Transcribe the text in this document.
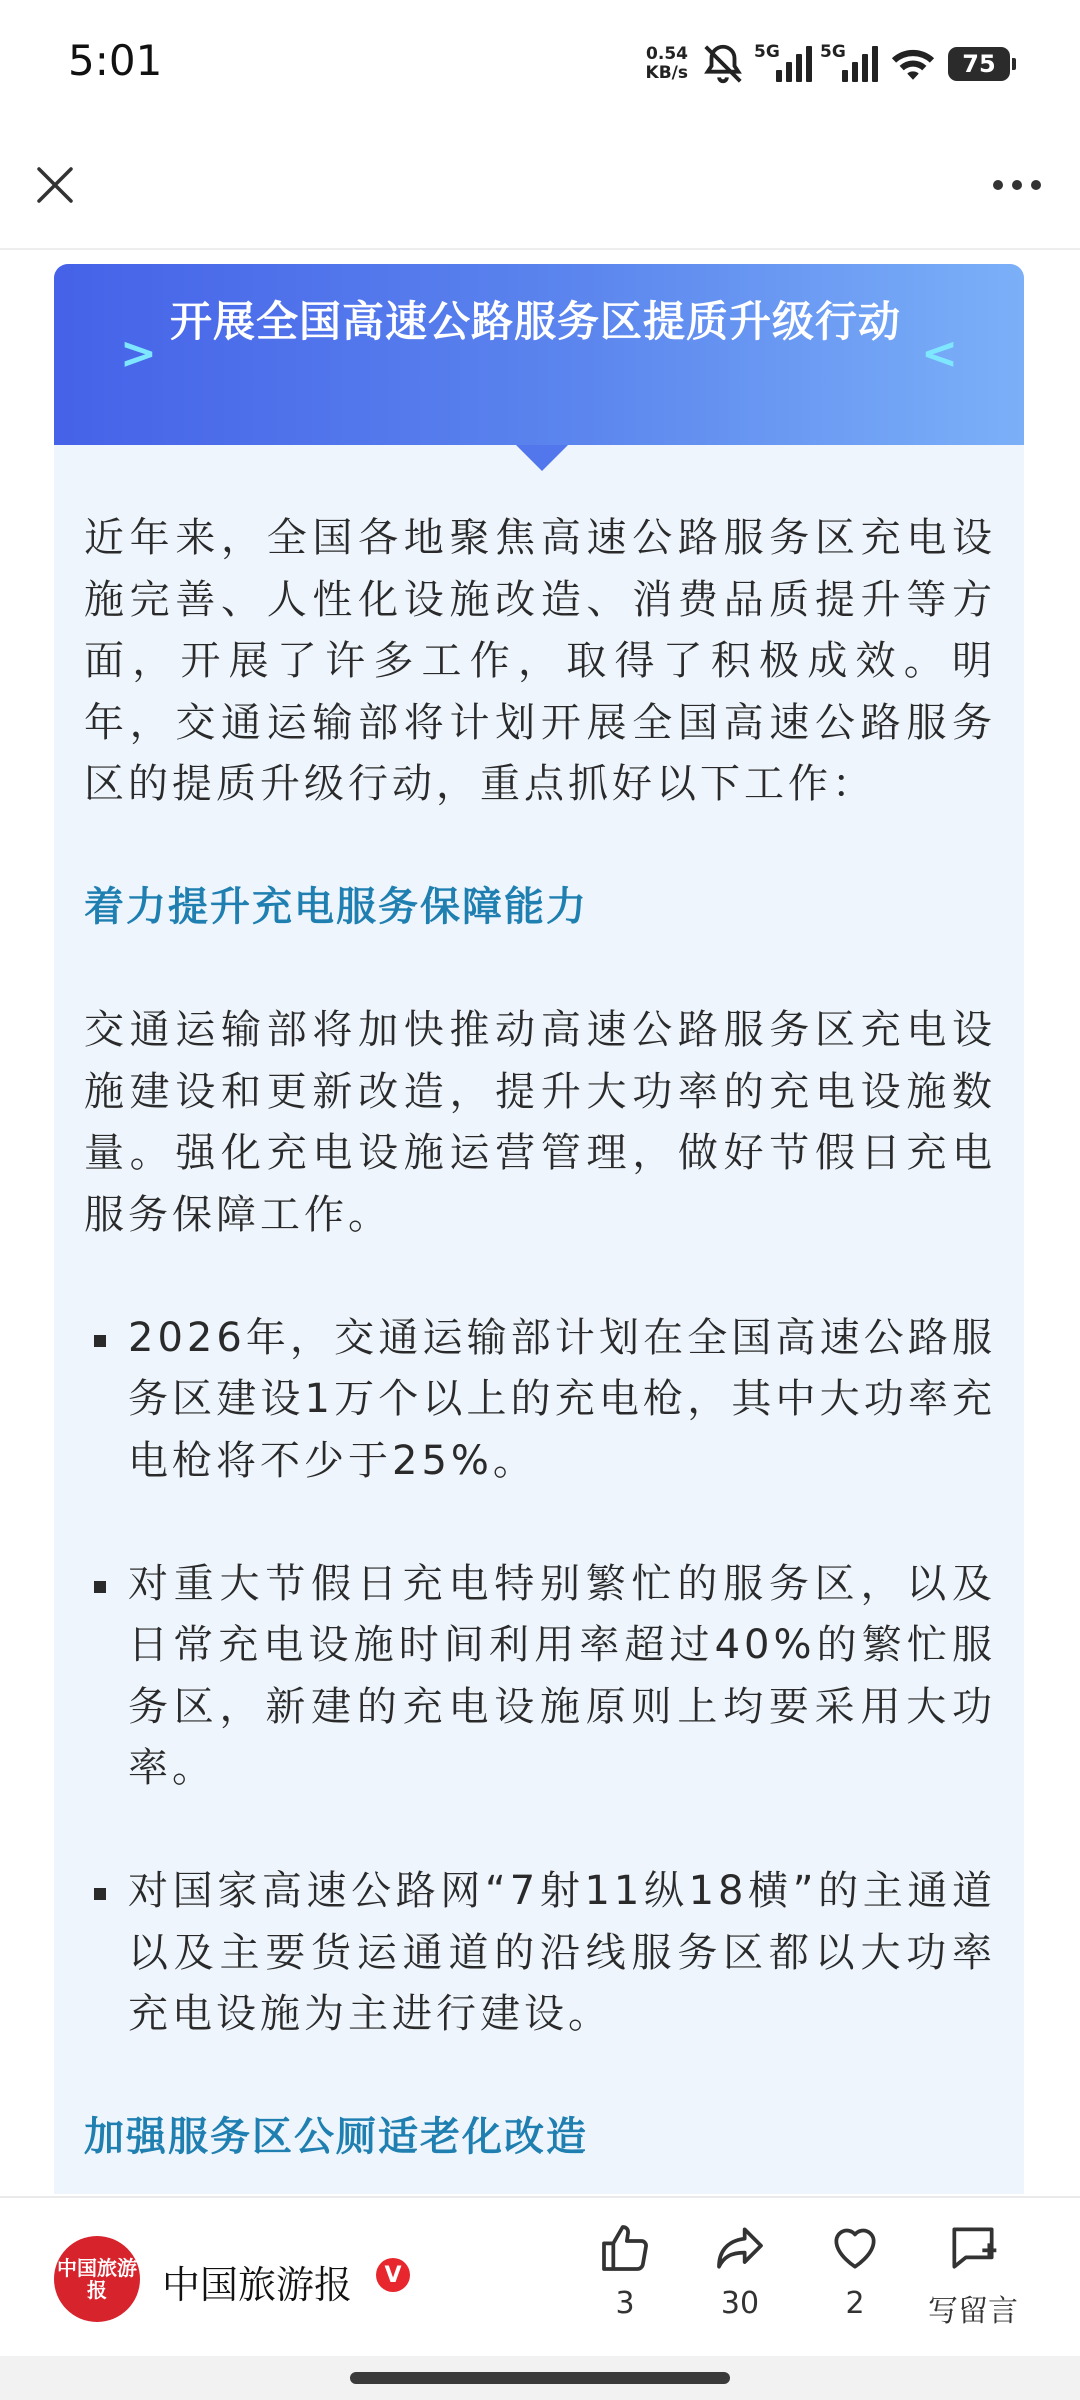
5:01	0.54
KB/s
5G 5G	75
>
开展全国高速公路服务区提质升级行动
<

近年来，全国各地聚焦高速公路服务区充电设施完善、人性化设施改造、消费品质提升等方面，开展了许多工作，取得了积极成效。明年，交通运输部将计划开展全国高速公路服务区的提质升级行动，重点抓好以下工作：

着力提升充电服务保障能力

交通运输部将加快推动高速公路服务区充电设施建设和更新改造，提升大功率的充电设施数量。强化充电设施运营管理，做好节假日充电服务保障工作。

2026年，交通运输部计划在全国高速公路服务区建设1万个以上的充电枪，其中大功率充电枪将不少于25%。

对重大节假日充电特别繁忙的服务区，以及日常充电设施时间利用率超过40%的繁忙服务区，新建的充电设施原则上均要采用大功率。

对国家高速公路网“7射11纵18横”的主通道以及主要货运通道的沿线服务区都以大功率充电设施为主进行建设。

加强服务区公厕适老化改造
中国旅游报	中国旅游报	V
3	30	2 写留言
